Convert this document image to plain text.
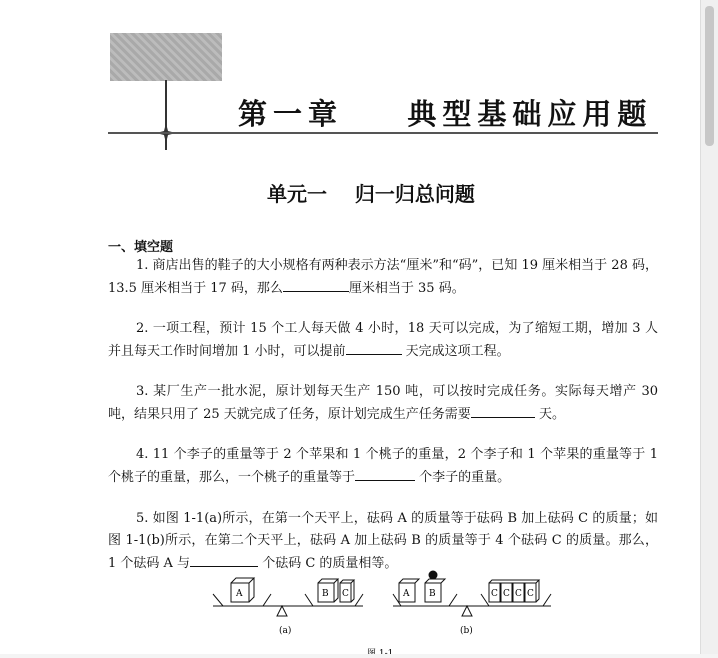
第一章    典型基础应用题
单元一    归一归总问题
一、填空题

1. 商店出售的鞋子的大小规格有两种表示方法“厘米”和“码”，已知 19 厘米相当于 28 码，13.5 厘米相当于 17 码，那么	厘米相当于 35 码。

2. 一项工程，预计 15 个工人每天做 4 小时，18 天可以完成，为了缩短工期，增加 3 人并且每天工作时间增加 1 小时，可以提前	天完成这项工程。

3. 某厂生产一批水泥，原计划每天生产 150 吨，可以按时完成任务。实际每天增产 30 吨，结果只用了 25 天就完成了任务，原计划完成生产任务需要	天。

4. 11 个李子的重量等于 2 个苹果和 1 个桃子的重量，2 个李子和 1 个苹果的重量等于 1 个桃子的重量，那么，一个桃子的重量等于	个李子的重量。

5. 如图 1-1(a)所示，在第一个天平上，砝码 A 的质量等于砝码 B 加上砝码 C 的质量；如图 1-1(b)所示，在第二个天平上，砝码 A 加上砝码 B 的质量等于 4 个砝码 C 的质量。那么，1 个砝码 A 与	个砝码 C 的质量相等。

A	B C
(a)
A B	C C C C
(b)
图 1-1
